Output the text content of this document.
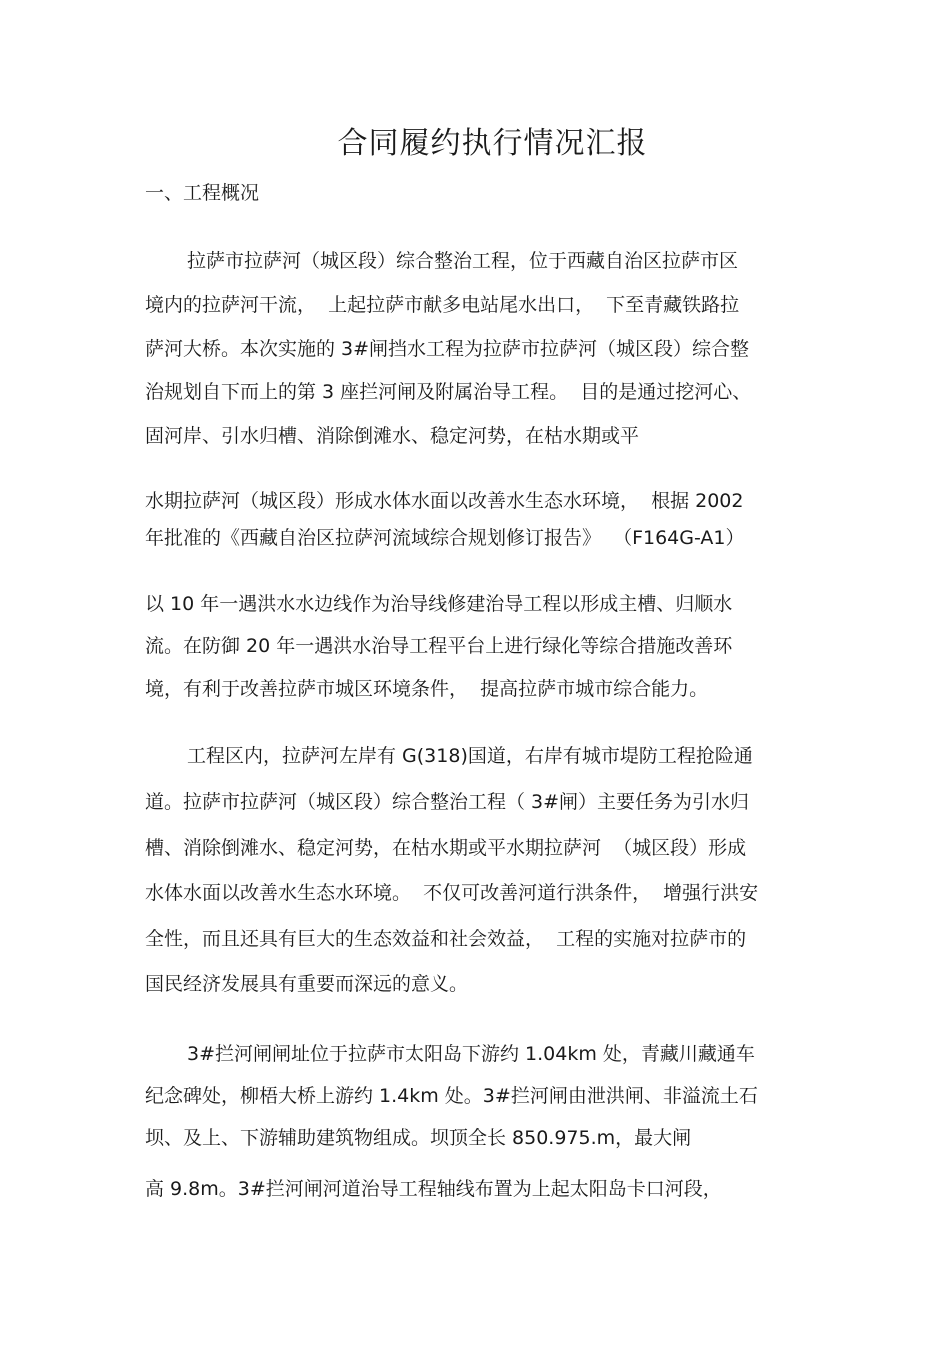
合同履约执行情况汇报

一、工程概况

拉萨市拉萨河（城区段）综合整治工程，位于西藏自治区拉萨市区

境内的拉萨河干流，  上起拉萨市献多电站尾水出口，  下至青藏铁路拉

萨河大桥。本次实施的 3#闸挡水工程为拉萨市拉萨河（城区段）综合整

治规划自下而上的第 3 座拦河闸及附属治导工程。  目的是通过挖河心、

固河岸、引水归槽、消除倒滩水、稳定河势，在枯水期或平

水期拉萨河（城区段）形成水体水面以改善水生态水环境，  根据 2002

年批准的《西藏自治区拉萨河流域综合规划修订报告》  （F164G-A1）

以 10 年一遇洪水水边线作为治导线修建治导工程以形成主槽、归顺水

流。在防御 20 年一遇洪水治导工程平台上进行绿化等综合措施改善环

境，有利于改善拉萨市城区环境条件，  提高拉萨市城市综合能力。

工程区内，拉萨河左岸有 G(318)国道，右岸有城市堤防工程抢险通

道。拉萨市拉萨河（城区段）综合整治工程（ 3#闸）主要任务为引水归

槽、消除倒滩水、稳定河势，在枯水期或平水期拉萨河  （城区段）形成

水体水面以改善水生态水环境。  不仅可改善河道行洪条件，  增强行洪安

全性，而且还具有巨大的生态效益和社会效益，  工程的实施对拉萨市的

国民经济发展具有重要而深远的意义。

3#拦河闸闸址位于拉萨市太阳岛下游约 1.04km 处，青藏川藏通车

纪念碑处，柳梧大桥上游约 1.4km 处。3#拦河闸由泄洪闸、非溢流土石

坝、及上、下游辅助建筑物组成。坝顶全长 850.975.m，最大闸

高 9.8m。3#拦河闸河道治导工程轴线布置为上起太阳岛卡口河段，
